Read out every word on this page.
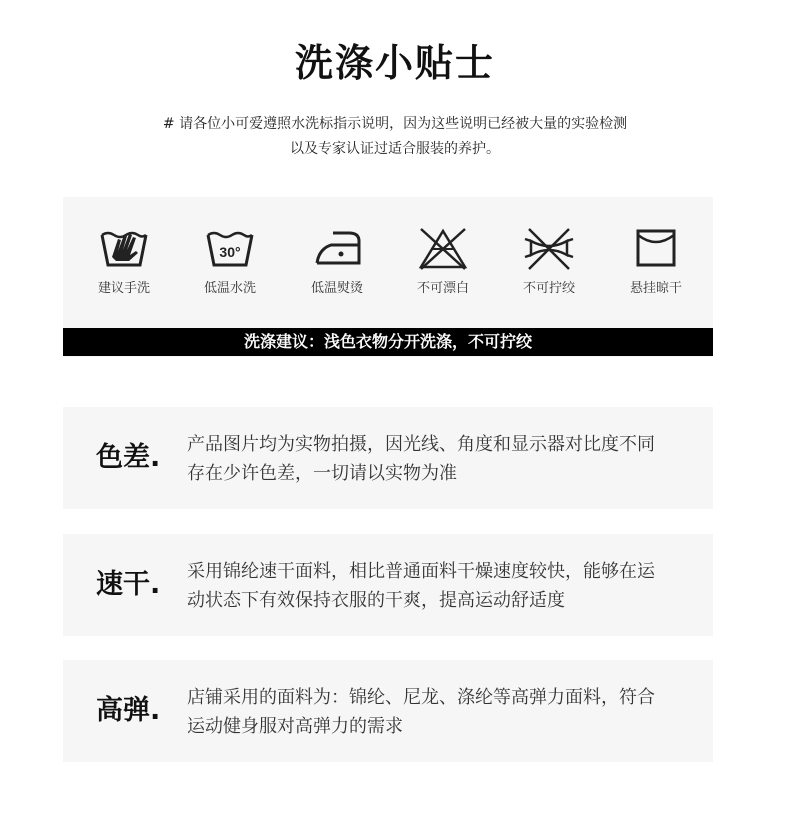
洗涤小贴士
# 请各位小可爱遵照水洗标指示说明，因为这些说明已经被大量的实验检测
以及专家认证过适合服装的养护。
建议手洗
30°
低温水洗	低温熨烫	不可漂白	不可拧绞	悬挂晾干
洗涤建议：浅色衣物分开洗涤，不可拧绞
色差. 产品图片均为实物拍摄，因光线、角度和显示器对比度不同
存在少许色差，一切请以实物为准
速干. 采用锦纶速干面料，相比普通面料干燥速度较快，能够在运
动状态下有效保持衣服的干爽，提高运动舒适度
高弹. 店铺采用的面料为：锦纶、尼龙、涤纶等高弹力面料，符合
运动健身服对高弹力的需求
